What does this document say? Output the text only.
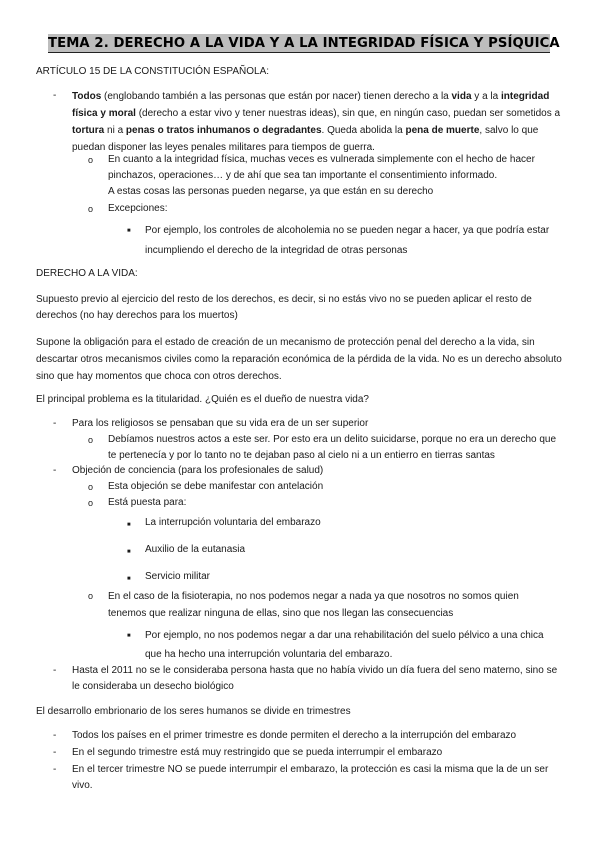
TEMA 2. DERECHO A LA VIDA Y A LA INTEGRIDAD FÍSICA Y PSÍQUICA

ARTÍCULO 15 DE LA CONSTITUCIÓN ESPAÑOLA:

- Todos (englobando también a las personas que están por nacer) tienen derecho a la vida y a la integridad física y moral (derecho a estar vivo y tener nuestras ideas), sin que, en ningún caso, puedan ser sometidos a tortura ni a penas o tratos inhumanos o degradantes. Queda abolida la pena de muerte, salvo lo que puedan disponer las leyes penales militares para tiempos de guerra.

o En cuanto a la integridad física, muchas veces es vulnerada simplemente con el hecho de hacer pinchazos, operaciones… y de ahí que sea tan importante el consentimiento informado.

A estas cosas las personas pueden negarse, ya que están en su derecho

o Excepciones:

■ Por ejemplo, los controles de alcoholemia no se pueden negar a hacer, ya que podría estar incumpliendo el derecho de la integridad de otras personas

DERECHO A LA VIDA:

Supuesto previo al ejercicio del resto de los derechos, es decir, si no estás vivo no se pueden aplicar el resto de derechos (no hay derechos para los muertos)

Supone la obligación para el estado de creación de un mecanismo de protección penal del derecho a la vida, sin descartar otros mecanismos civiles como la reparación económica de la pérdida de la vida. No es un derecho absoluto sino que hay momentos que choca con otros derechos.

El principal problema es la titularidad. ¿Quién es el dueño de nuestra vida?

- Para los religiosos se pensaban que su vida era de un ser superior

o Debíamos nuestros actos a este ser. Por esto era un delito suicidarse, porque no era un derecho que te pertenecía y por lo tanto no te dejaban paso al cielo ni a un entierro en tierras santas

- Objeción de conciencia (para los profesionales de salud)

o Esta objeción se debe manifestar con antelación

o Está puesta para:

■ La interrupción voluntaria del embarazo

■ Auxilio de la eutanasia

■ Servicio militar

o En el caso de la fisioterapia, no nos podemos negar a nada ya que nosotros no somos quien tenemos que realizar ninguna de ellas, sino que nos llegan las consecuencias

■ Por ejemplo, no nos podemos negar a dar una rehabilitación del suelo pélvico a una chica que ha hecho una interrupción voluntaria del embarazo.

- Hasta el 2011 no se le consideraba persona hasta que no había vivido un día fuera del seno materno, sino se le consideraba un desecho biológico

El desarrollo embrionario de los seres humanos se divide en trimestres

- Todos los países en el primer trimestre es donde permiten el derecho a la interrupción del embarazo

- En el segundo trimestre está muy restringido que se pueda interrumpir el embarazo

- En el tercer trimestre NO se puede interrumpir el embarazo, la protección es casi la misma que la de un ser vivo.
